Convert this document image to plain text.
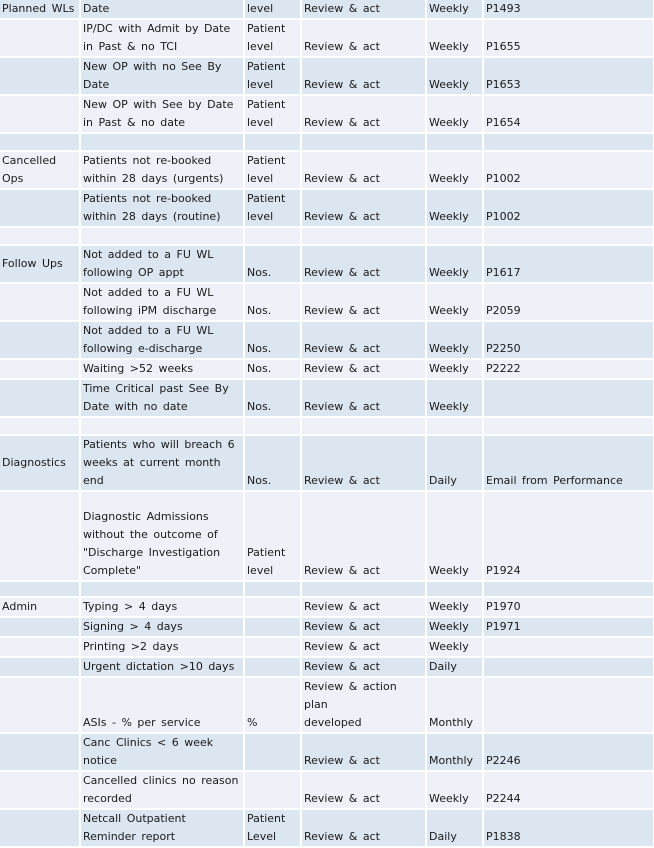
Planned WLs	Date	level	Review & act	Weekly	P1493
	IP/DC with Admit by Date
in Past & no TCI	Patient
level	Review & act	Weekly	P1655
	New OP with no See By
Date	Patient
level	Review & act	Weekly	P1653
	New OP with See by Date
in Past & no date	Patient
level	Review & act	Weekly	P1654

Cancelled
Ops	Patients not re-booked
within 28 days (urgents)	Patient
level	Review & act	Weekly	P1002
	Patients not re-booked
within 28 days (routine)	Patient
level	Review & act	Weekly	P1002

Follow Ups	Not added to a FU WL
following OP appt	Nos.	Review & act	Weekly	P1617
	Not added to a FU WL
following iPM discharge	Nos.	Review & act	Weekly	P2059
	Not added to a FU WL
following e-discharge	Nos.	Review & act	Weekly	P2250
	Waiting >52 weeks	Nos.	Review & act	Weekly	P2222
	Time Critical past See By
Date with no date	Nos.	Review & act	Weekly	

Diagnostics	Patients who will breach 6
weeks at current month
end	Nos.	Review & act	Daily	Email from Performance
	Diagnostic Admissions
without the outcome of
"Discharge Investigation
Complete"	Patient
level	Review & act	Weekly	P1924

Admin	Typing > 4 days		Review & act	Weekly	P1970
	Signing > 4 days		Review & act	Weekly	P1971
	Printing >2 days		Review & act	Weekly	
	Urgent dictation >10 days		Review & act	Daily	
	ASIs - % per service	%	Review & action plan
developed	Monthly	
	Canc Clinics < 6 week
notice		Review & act	Monthly	P2246
	Cancelled clinics no reason
recorded		Review & act	Weekly	P2244
	Netcall Outpatient
Reminder report	Patient
Level	Review & act	Daily	P1838
